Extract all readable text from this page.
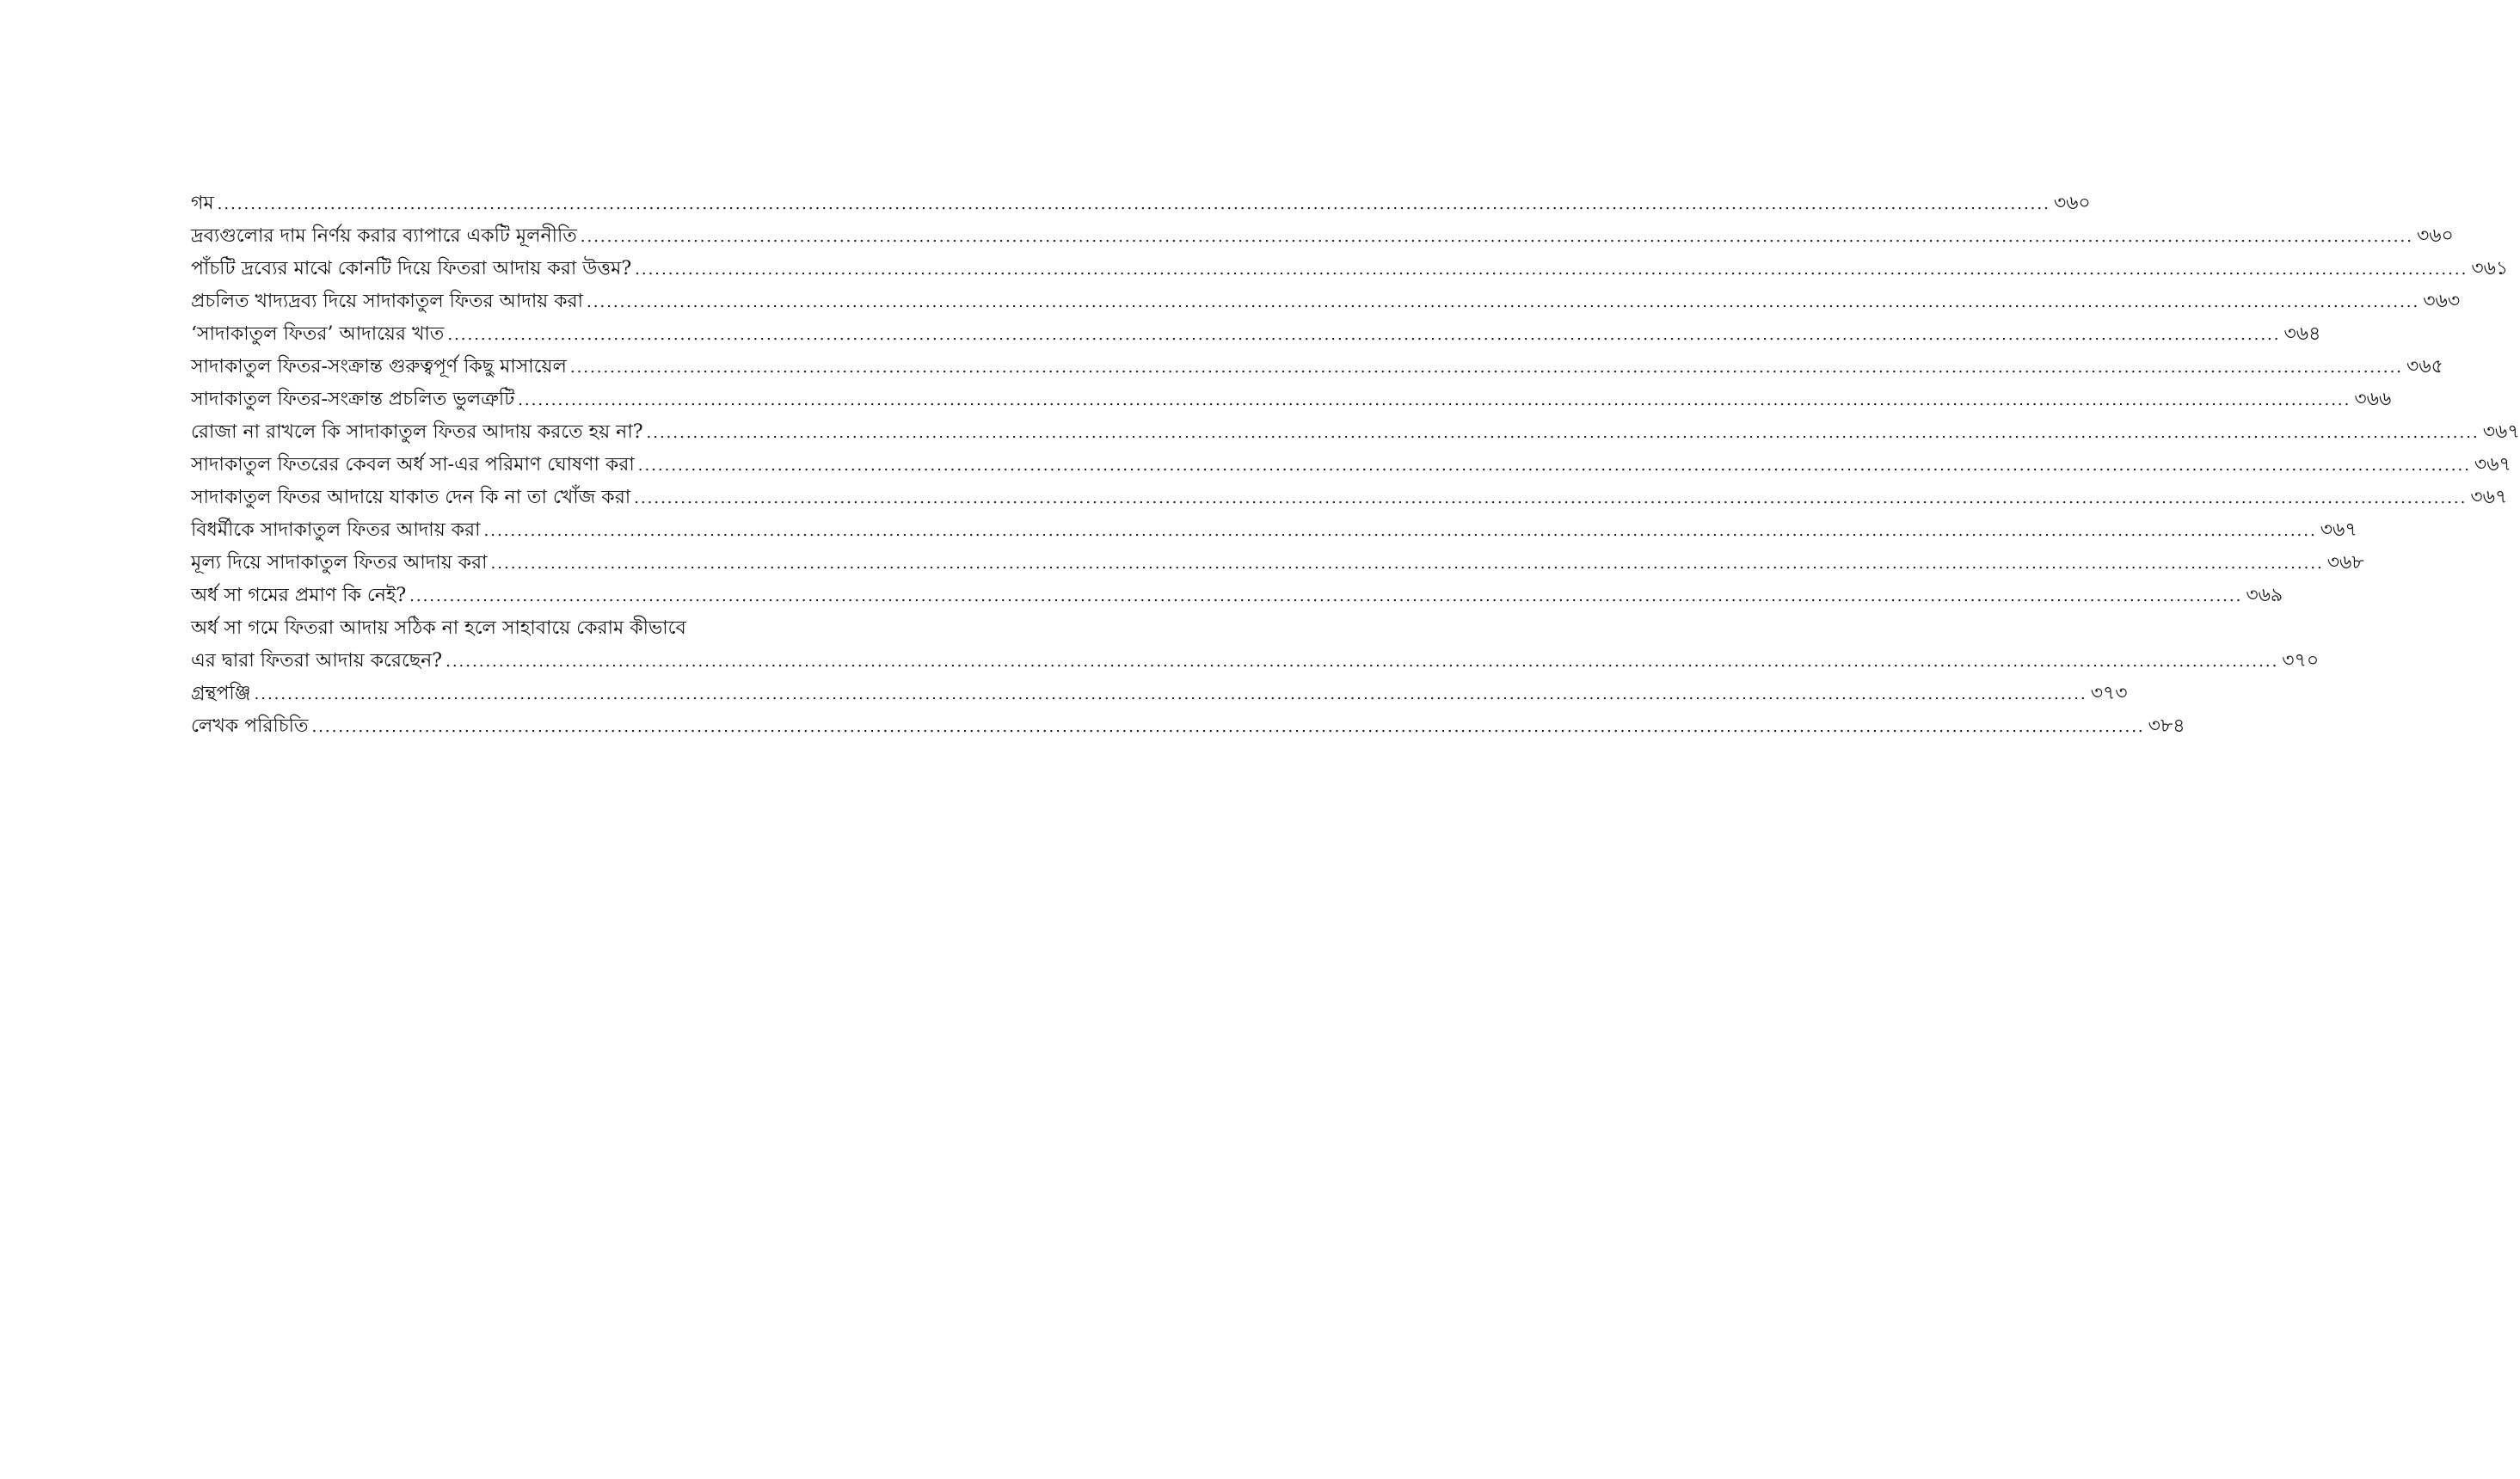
গম .....	৩৬০
দ্রব্যগুলোর দাম নির্ণয় করার ব্যাপারে একটি মূলনীতি .....	৩৬০
পাঁচটি দ্রব্যের মাঝে কোনটি দিয়ে ফিতরা আদায় করা উত্তম? .....	৩৬১
প্রচলিত খাদ্যদ্রব্য দিয়ে সাদাকাতুল ফিতর আদায় করা .....	৩৬৩
‘সাদাকাতুল ফিতর’ আদায়ের খাত .....	৩৬৪
সাদাকাতুল ফিতর-সংক্রান্ত গুরুত্বপূর্ণ কিছু মাসায়েল .....	৩৬৫
সাদাকাতুল ফিতর-সংক্রান্ত প্রচলিত ভুলত্রুটি .....	৩৬৬
রোজা না রাখলে কি সাদাকাতুল ফিতর আদায় করতে হয় না? .....	৩৬৭
সাদাকাতুল ফিতরের কেবল অর্ধ সা-এর পরিমাণ ঘোষণা করা .....	৩৬৭
সাদাকাতুল ফিতর আদায়ে যাকাত দেন কি না তা খোঁজ করা .....	৩৬৭
বিধর্মীকে সাদাকাতুল ফিতর আদায় করা .....	৩৬৭
মূল্য দিয়ে সাদাকাতুল ফিতর আদায় করা .....	৩৬৮
অর্ধ সা গমের প্রমাণ কি নেই? .....	৩৬৯
অর্ধ সা গমে ফিতরা আদায় সঠিক না হলে সাহাবায়ে কেরাম কীভাবে
এর দ্বারা ফিতরা আদায় করেছেন? .....	৩৭০
গ্রন্থপঞ্জি .....	৩৭৩
লেখক পরিচিতি .....	৩৮৪
